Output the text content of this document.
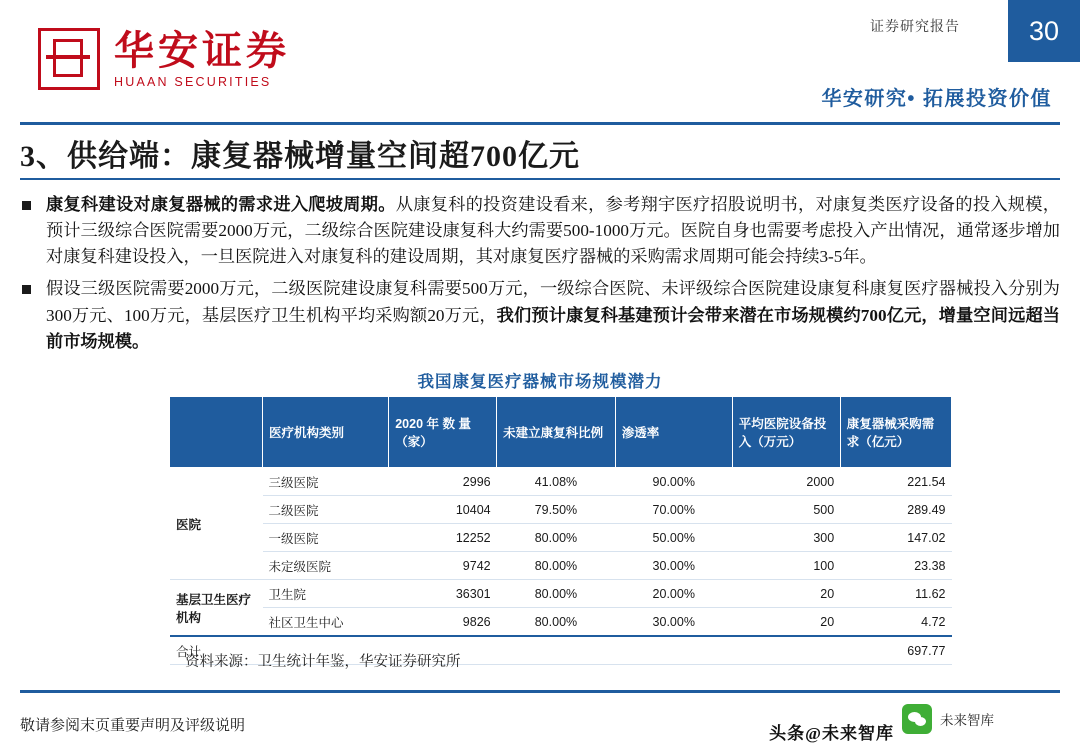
华安证券
HUAAN SECURITIES
证券研究报告	30
华安研究• 拓展投资价值
3、供给端：康复器械增量空间超700亿元

康复科建设对康复器械的需求进入爬坡周期。从康复科的投资建设看来，参考翔宇医疗招股说明书，对康复类医疗设备的投入规模，预计三级综合医院需要2000万元，二级综合医院建设康复科大约需要500-1000万元。医院自身也需要考虑投入产出情况，通常逐步增加对康复科建设投入，一旦医院进入对康复科的建设周期，其对康复医疗器械的采购需求周期可能会持续3-5年。

假设三级医院需要2000万元，二级医院建设康复科需要500万元，一级综合医院、未评级综合医院建设康复科康复医疗器械投入分别为300万元、100万元，基层医疗卫生机构平均采购额20万元，我们预计康复科基建预计会带来潜在市场规模约700亿元，增量空间远超当前市场规模。

我国康复医疗器械市场规模潜力
	医疗机构类别	2020 年 数 量（家）	未建立康复科比例	渗透率	平均医院设备投入（万元）	康复器械采购需求（亿元）
医院	三级医院	2996	41.08%	90.00%	2000	221.54
	二级医院	10404	79.50%	70.00%	500	289.49
	一级医院	12252	80.00%	50.00%	300	147.02
	未定级医院	9742	80.00%	30.00%	100	23.38
基层卫生医疗机构	卫生院	36301	80.00%	20.00%	20	11.62
	社区卫生中心	9826	80.00%	30.00%	20	4.72
合计						697.77
资料来源：卫生统计年鉴，华安证券研究所
敬请参阅末页重要声明及评级说明	头条@未来智库
未来智库
